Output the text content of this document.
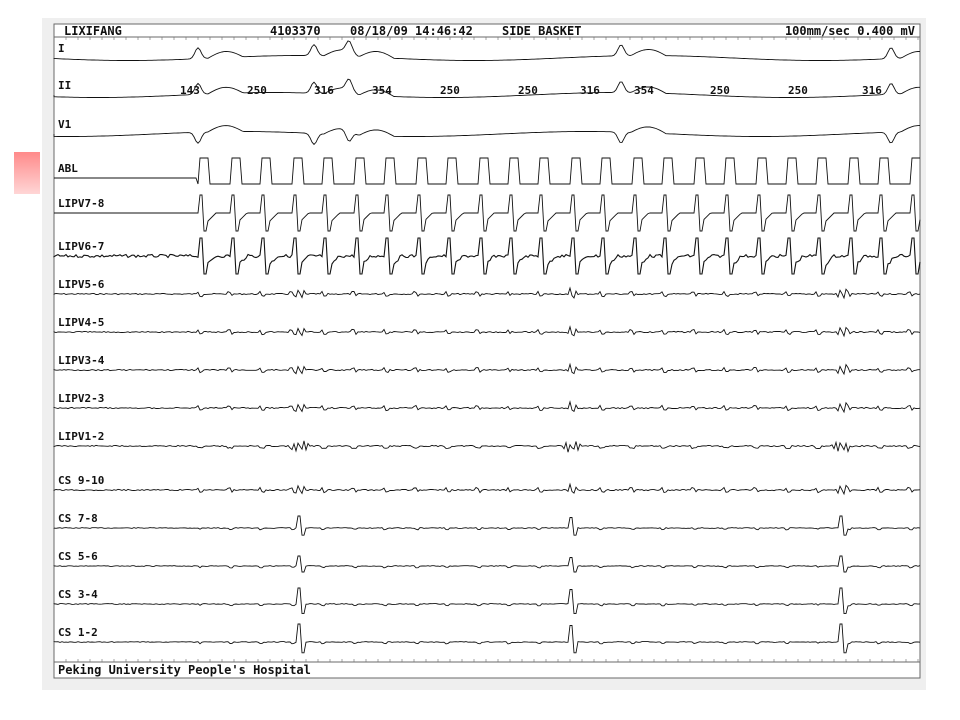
LIXIFANG	4103370 08/18/09 14:46:42 SIDE BASKET	100mm/sec 0.400 mV
Peking University People's Hospital
I
II
V1
ABL
LIPV7-8
LIPV6-7
LIPV5-6
LIPV4-5
LIPV3-4
LIPV2-3
LIPV1-2
CS 9-10
CS 7-8
CS 5-6
CS 3-4
CS 1-2
143	250	316	354	250	250	316	354	250	250	316
